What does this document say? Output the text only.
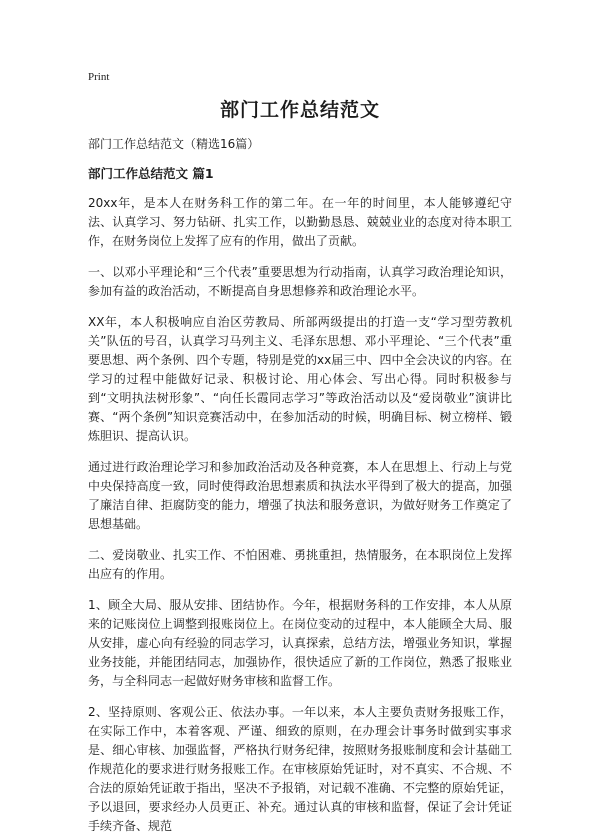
Print
部门工作总结范文
部门工作总结范文（精选16篇）
部门工作总结范文 篇1
20xx年，是本人在财务科工作的第二年。在一年的时间里，本人能够遵纪守法、认真学习、努力钻研、扎实工作，以勤勤恳恳、兢兢业业的态度对待本职工作，在财务岗位上发挥了应有的作用，做出了贡献。
一、以邓小平理论和“三个代表”重要思想为行动指南，认真学习政治理论知识，参加有益的政治活动，不断提高自身思想修养和政治理论水平。
XX年，本人积极响应自治区劳教局、所部两级提出的打造一支“学习型劳教机关”队伍的号召，认真学习马列主义、毛泽东思想、邓小平理论、“三个代表”重要思想、两个条例、四个专题，特别是党的xx届三中、四中全会决议的内容。在学习的过程中能做好记录、积极讨论、用心体会、写出心得。同时积极参与到“文明执法树形象”、“向任长霞同志学习”等政治活动以及“爱岗敬业”演讲比赛、“两个条例”知识竞赛活动中，在参加活动的时候，明确目标、树立榜样、锻炼胆识、提高认识。
通过进行政治理论学习和参加政治活动及各种竞赛，本人在思想上、行动上与党中央保持高度一致，同时使得政治思想素质和执法水平得到了极大的提高，加强了廉洁自律、拒腐防变的能力，增强了执法和服务意识，为做好财务工作奠定了思想基础。
二、爱岗敬业、扎实工作、不怕困难、勇挑重担，热情服务，在本职岗位上发挥出应有的作用。
1、顾全大局、服从安排、团结协作。今年，根据财务科的工作安排，本人从原来的记账岗位上调整到报账岗位上。在岗位变动的过程中，本人能顾全大局、服从安排，虚心向有经验的同志学习，认真探索，总结方法，增强业务知识，掌握业务技能，并能团结同志，加强协作，很快适应了新的工作岗位，熟悉了报账业务，与全科同志一起做好财务审核和监督工作。
2、坚持原则、客观公正、依法办事。一年以来，本人主要负责财务报账工作，在实际工作中，本着客观、严谨、细致的原则，在办理会计事务时做到实事求是、细心审核、加强监督，严格执行财务纪律，按照财务报账制度和会计基础工作规范化的要求进行财务报账工作。在审核原始凭证时，对不真实、不合规、不合法的原始凭证敢于指出，坚决不予报销，对记载不准确、不完整的原始凭证，予以退回，要求经办人员更正、补充。通过认真的审核和监督，保证了会计凭证手续齐备、规范
